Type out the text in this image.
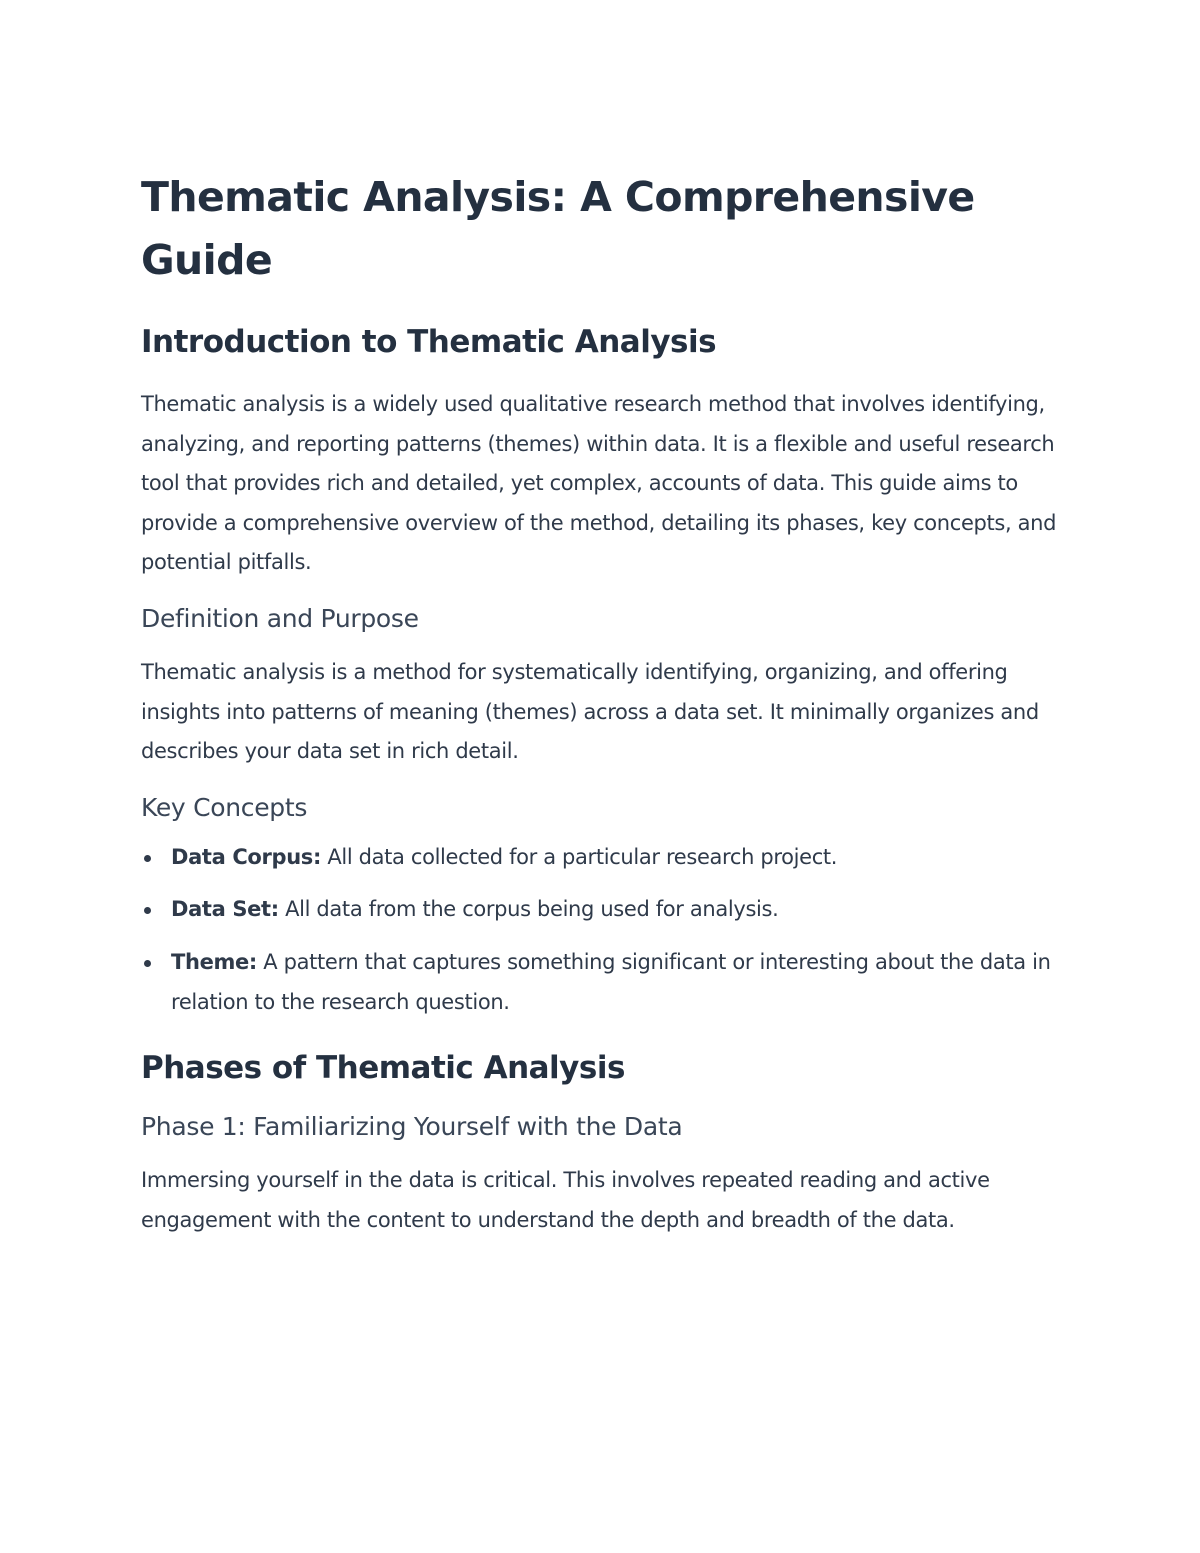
Thematic Analysis: A Comprehensive Guide
Introduction to Thematic Analysis

Thematic analysis is a widely used qualitative research method that involves identifying, analyzing, and reporting patterns (themes) within data. It is a flexible and useful research tool that provides rich and detailed, yet complex, accounts of data. This guide aims to provide a comprehensive overview of the method, detailing its phases, key concepts, and potential pitfalls.

Definition and Purpose

Thematic analysis is a method for systematically identifying, organizing, and offering insights into patterns of meaning (themes) across a data set. It minimally organizes and describes your data set in rich detail.

Key Concepts
Data Corpus: All data collected for a particular research project.
Data Set: All data from the corpus being used for analysis.
Theme: A pattern that captures something significant or interesting about the data in relation to the research question.
Phases of Thematic Analysis
Phase 1: Familiarizing Yourself with the Data

Immersing yourself in the data is critical. This involves repeated reading and active engagement with the content to understand the depth and breadth of the data.
